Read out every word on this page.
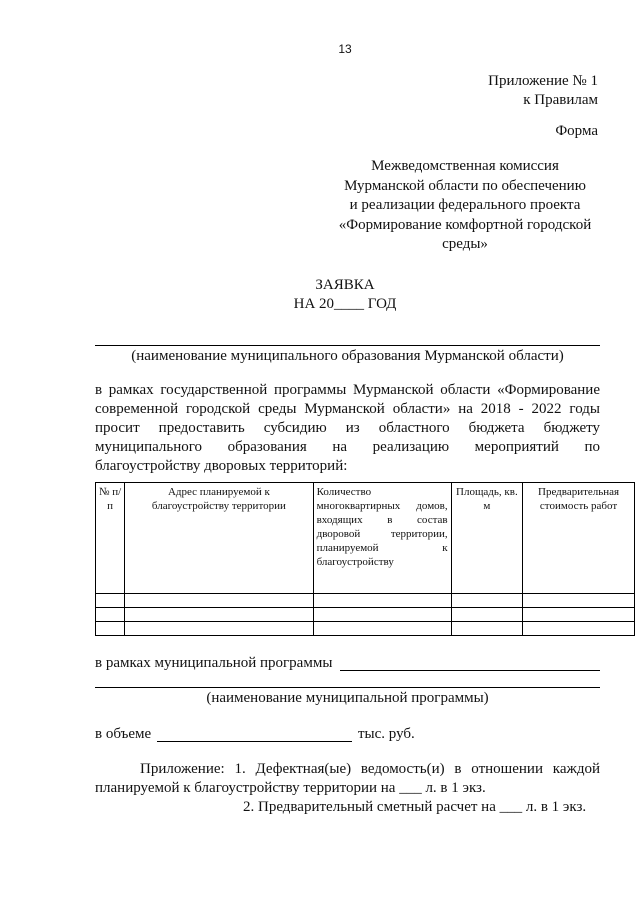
13
Приложение № 1
к Правилам
Форма
Межведомственная комиссия
Мурманской области по обеспечению
и реализации федерального проекта
«Формирование комфортной городской
среды»
ЗАЯВКА
НА 20____ ГОД
(наименование муниципального образования Мурманской области)
в рамках государственной программы Мурманской области «Формирование
современной городской среды Мурманской области» на 2018 - 2022 годы
просит предоставить субсидию из областного бюджета бюджету
муниципального образования на реализацию мероприятий по
благоустройству дворовых территорий:
№ п/п	Адрес планируемой к благоустройству территории	Количество многоквартирных домов, входящих в состав дворовой территории, планируемой к благоустройству	Площадь, кв. м	Предварительная стоимость работ

в рамках муниципальной программы
(наименование муниципальной программы)
в объеме	тыс. руб.
Приложение: 1. Дефектная(ые) ведомость(и) в отношении каждой
планируемой к благоустройству территории на ___ л. в 1 экз.
2. Предварительный сметный расчет на ___ л. в 1 экз.
